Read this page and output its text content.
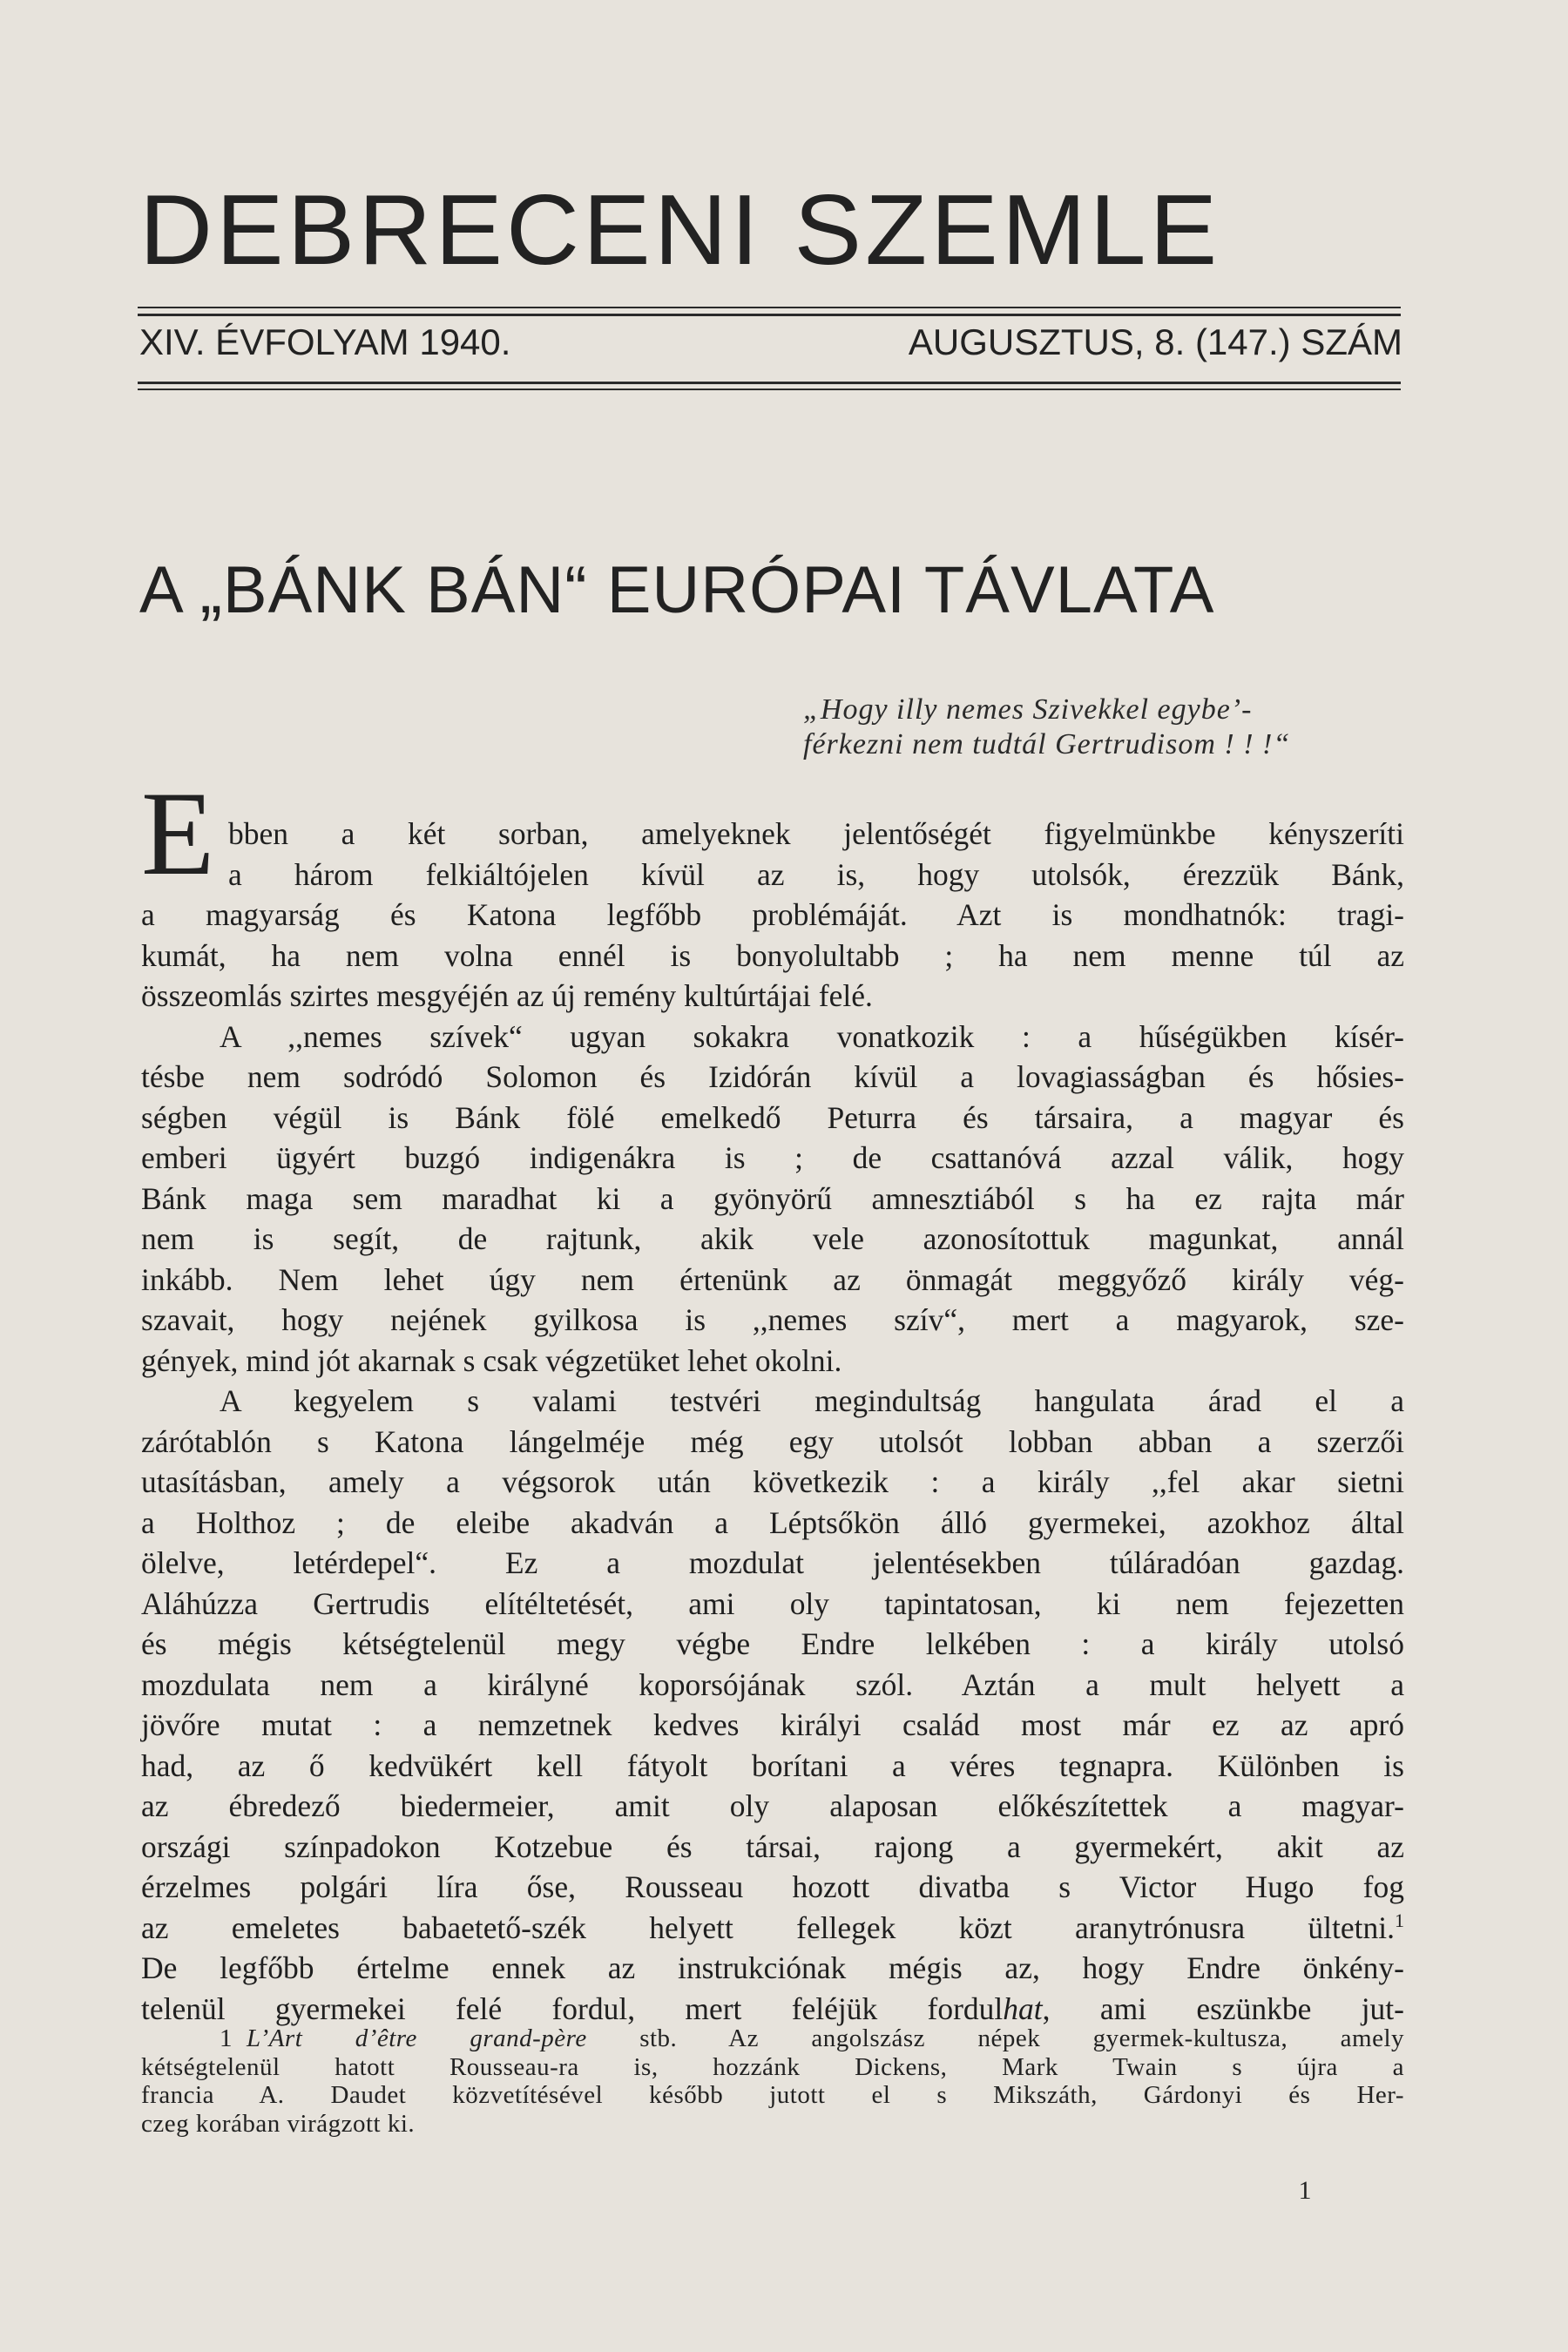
DEBRECENI SZEMLE
XIV. ÉVFOLYAM 1940.	AUGUSZTUS, 8. (147.) SZÁM
A „BÁNK BÁN“ EURÓPAI TÁVLATA
„Hogy illy nemes Szivekkel egybe’-
férkezni nem tudtál Gertrudisom ! ! !“
E bben a két sorban, amelyeknek jelentőségét figyelmünkbe kényszeríti
a három felkiáltójelen kívül az is, hogy utolsók, érezzük Bánk,
a magyarság és Katona legfőbb problémáját. Azt is mondhatnók: tragi-
kumát, ha nem volna ennél is bonyolultabb ; ha nem menne túl az
összeomlás szirtes mesgyéjén az új remény kultúrtájai felé.
A ,,nemes szívek“ ugyan sokakra vonatkozik : a hűségükben kísér-
tésbe nem sodródó Solomon és Izidórán kívül a lovagiasságban és hősies-
ségben végül is Bánk fölé emelkedő Peturra és társaira, a magyar és
emberi ügyért buzgó indigenákra is ; de csattanóvá azzal válik, hogy
Bánk maga sem maradhat ki a gyönyörű amnesztiából s ha ez rajta már
nem is segít, de rajtunk, akik vele azonosítottuk magunkat, annál
inkább. Nem lehet úgy nem értenünk az önmagát meggyőző király vég-
szavait, hogy nejének gyilkosa is ,,nemes szív“, mert a magyarok, sze-
gények, mind jót akarnak s csak végzetüket lehet okolni.
A kegyelem s valami testvéri megindultság hangulata árad el a
zárótablón s Katona lángelméje még egy utolsót lobban abban a szerzői
utasításban, amely a végsorok után következik : a király ,,fel akar sietni
a Holthoz ; de eleibe akadván a Léptsőkön álló gyermekei, azokhoz által
ölelve, letérdepel“. Ez a mozdulat jelentésekben túláradóan gazdag.
Aláhúzza Gertrudis elítéltetését, ami oly tapintatosan, ki nem fejezetten
és mégis kétségtelenül megy végbe Endre lelkében : a király utolsó
mozdulata nem a királyné koporsójának szól. Aztán a mult helyett a
jövőre mutat : a nemzetnek kedves királyi család most már ez az apró
had, az ő kedvükért kell fátyolt borítani a véres tegnapra. Különben is
az ébredező biedermeier, amit oly alaposan előkészítettek a magyar-
országi színpadokon Kotzebue és társai, rajong a gyermekért, akit az
érzelmes polgári líra őse, Rousseau hozott divatba s Victor Hugo fog
az emeletes babaetető-szék helyett fellegek közt aranytrónusra ültetni.$^1$
De legfőbb értelme ennek az instrukciónak mégis az, hogy Endre önkény-
telenül gyermekei felé fordul, mert feléjük fordulhat, ami eszünkbe jut-
1 L’Art d’être grand-père stb. Az angolszász népek gyermek-kultusza, amely
kétségtelenül hatott Rousseau-ra is, hozzánk Dickens, Mark Twain s újra a
francia A. Daudet közvetítésével később jutott el s Mikszáth, Gárdonyi és Her-
czeg korában virágzott ki.
1
